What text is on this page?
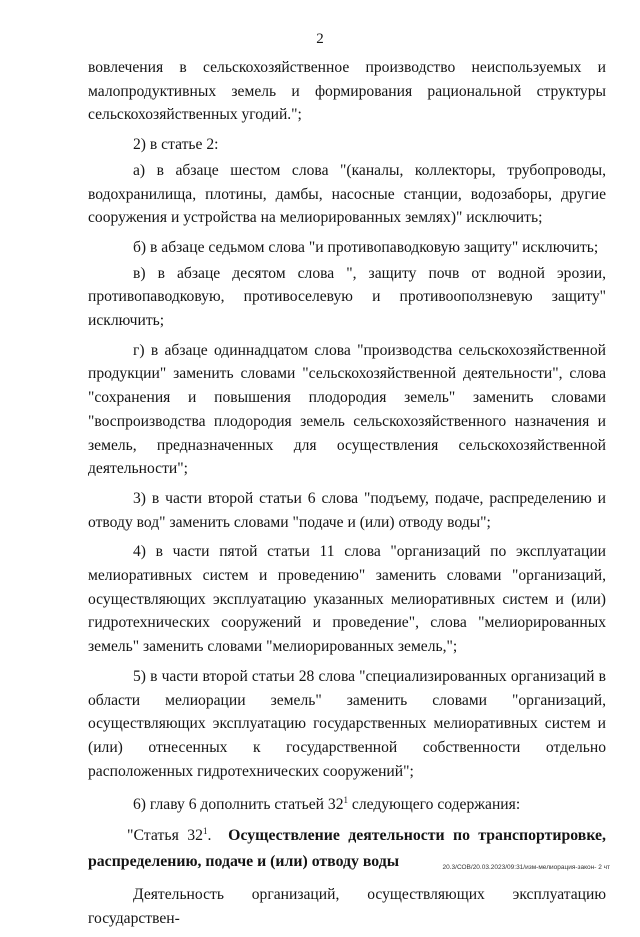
2

вовлечения в сельскохозяйственное производство неиспользуемых и малопродуктивных земель и формирования рациональной структуры сельскохозяйственных угодий.";

2) в статье 2:

а) в абзаце шестом слова "(каналы, коллекторы, трубопроводы, водохранилища, плотины, дамбы, насосные станции, водозаборы, другие сооружения и устройства на мелиорированных землях)" исключить;

б) в абзаце седьмом слова "и противопаводковую защиту" исключить;

в) в абзаце десятом слова ", защиту почв от водной эрозии, противопаводковую, противоселевую и противооползневую защиту" исключить;

г) в абзаце одиннадцатом слова "производства сельскохозяйственной продукции" заменить словами "сельскохозяйственной деятельности", слова "сохранения и повышения плодородия земель" заменить словами "воспроизводства плодородия земель сельскохозяйственного назначения и земель, предназначенных для осуществления сельскохозяйственной деятельности";

3) в части второй статьи 6 слова "подъему, подаче, распределению и отводу вод" заменить словами "подаче и (или) отводу воды";

4) в части пятой статьи 11 слова "организаций по эксплуатации мелиоративных систем и проведению" заменить словами "организаций, осуществляющих эксплуатацию указанных мелиоративных систем и (или) гидротехнических сооружений и проведение", слова "мелиорированных земель" заменить словами "мелиорированных земель,";

5) в части второй статьи 28 слова "специализированных организаций в области мелиорации земель" заменить словами "организаций, осуществляющих эксплуатацию государственных мелиоративных систем и (или) отнесенных к государственной собственности отдельно расположенных гидротехнических сооружений";

6) главу 6 дополнить статьей $32^1$ следующего содержания:

"Статья $32^1$. Осуществление деятельности по транспортировке, распределению, подаче и (или) отводу воды

Деятельность организаций, осуществляющих эксплуатацию государствен-

20.3/СОВ/20.03.2023/09:31/изм-мелиорация-закон- 2 чт
